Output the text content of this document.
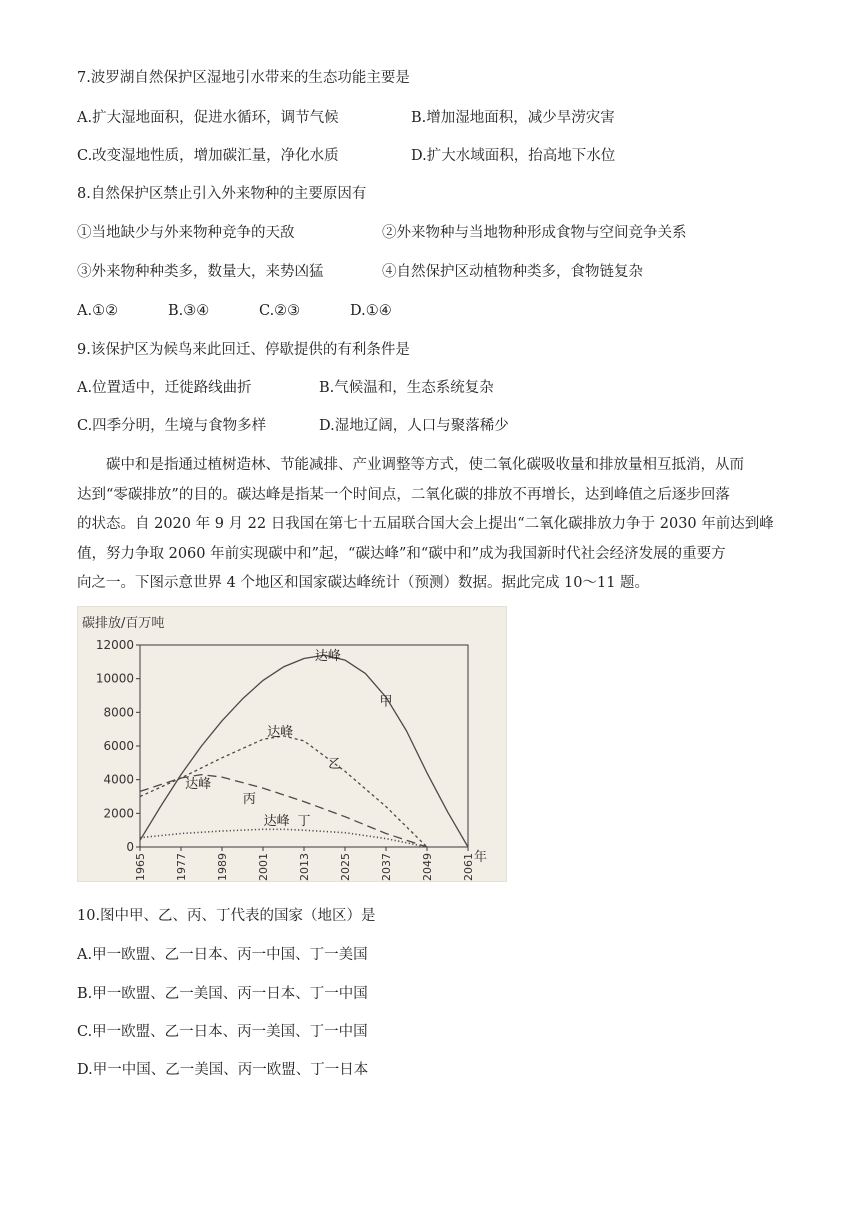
7.波罗湖自然保护区湿地引水带来的生态功能主要是
A.扩大湿地面积，促进水循环，调节气候	B.增加湿地面积，减少旱涝灾害
C.改变湿地性质，增加碳汇量，净化水质	D.扩大水域面积，抬高地下水位
8.自然保护区禁止引入外来物种的主要原因有
①当地缺少与外来物种竞争的天敌	②外来物种与当地物种形成食物与空间竞争关系
③外来物种种类多，数量大，来势凶猛	④自然保护区动植物种类多，食物链复杂
A.①②	B.③④	C.②③	D.①④
9.该保护区为候鸟来此回迁、停歇提供的有利条件是
A.位置适中，迁徙路线曲折	B.气候温和，生态系统复杂
C.四季分明，生境与食物多样	D.湿地辽阔，人口与聚落稀少
碳中和是指通过植树造林、节能减排、产业调整等方式，使二氧化碳吸收量和排放量相互抵消，从而
达到“零碳排放”的目的。碳达峰是指某一个时间点，二氧化碳的排放不再增长，达到峰值之后逐步回落
的状态。自 2020 年 9 月 22 日我国在第七十五届联合国大会上提出“二氧化碳排放力争于 2030 年前达到峰
值，努力争取 2060 年前实现碳中和”起，“碳达峰”和“碳中和”成为我国新时代社会经济发展的重要方
向之一。下图示意世界 4 个地区和国家碳达峰统计（预测）数据。据此完成 10～11 题。
0
2000
4000
6000
8000
10000
12000
1965	1977	1989	2001	2013	2025	2037	2049	2061
碳排放/百万吨
年
达峰
甲
达峰
乙
达峰
丙
达峰 丁
10.图中甲、乙、丙、丁代表的国家（地区）是
A.甲一欧盟、乙一日本、丙一中国、丁一美国
B.甲一欧盟、乙一美国、丙一日本、丁一中国
C.甲一欧盟、乙一日本、丙一美国、丁一中国
D.甲一中国、乙一美国、丙一欧盟、丁一日本
